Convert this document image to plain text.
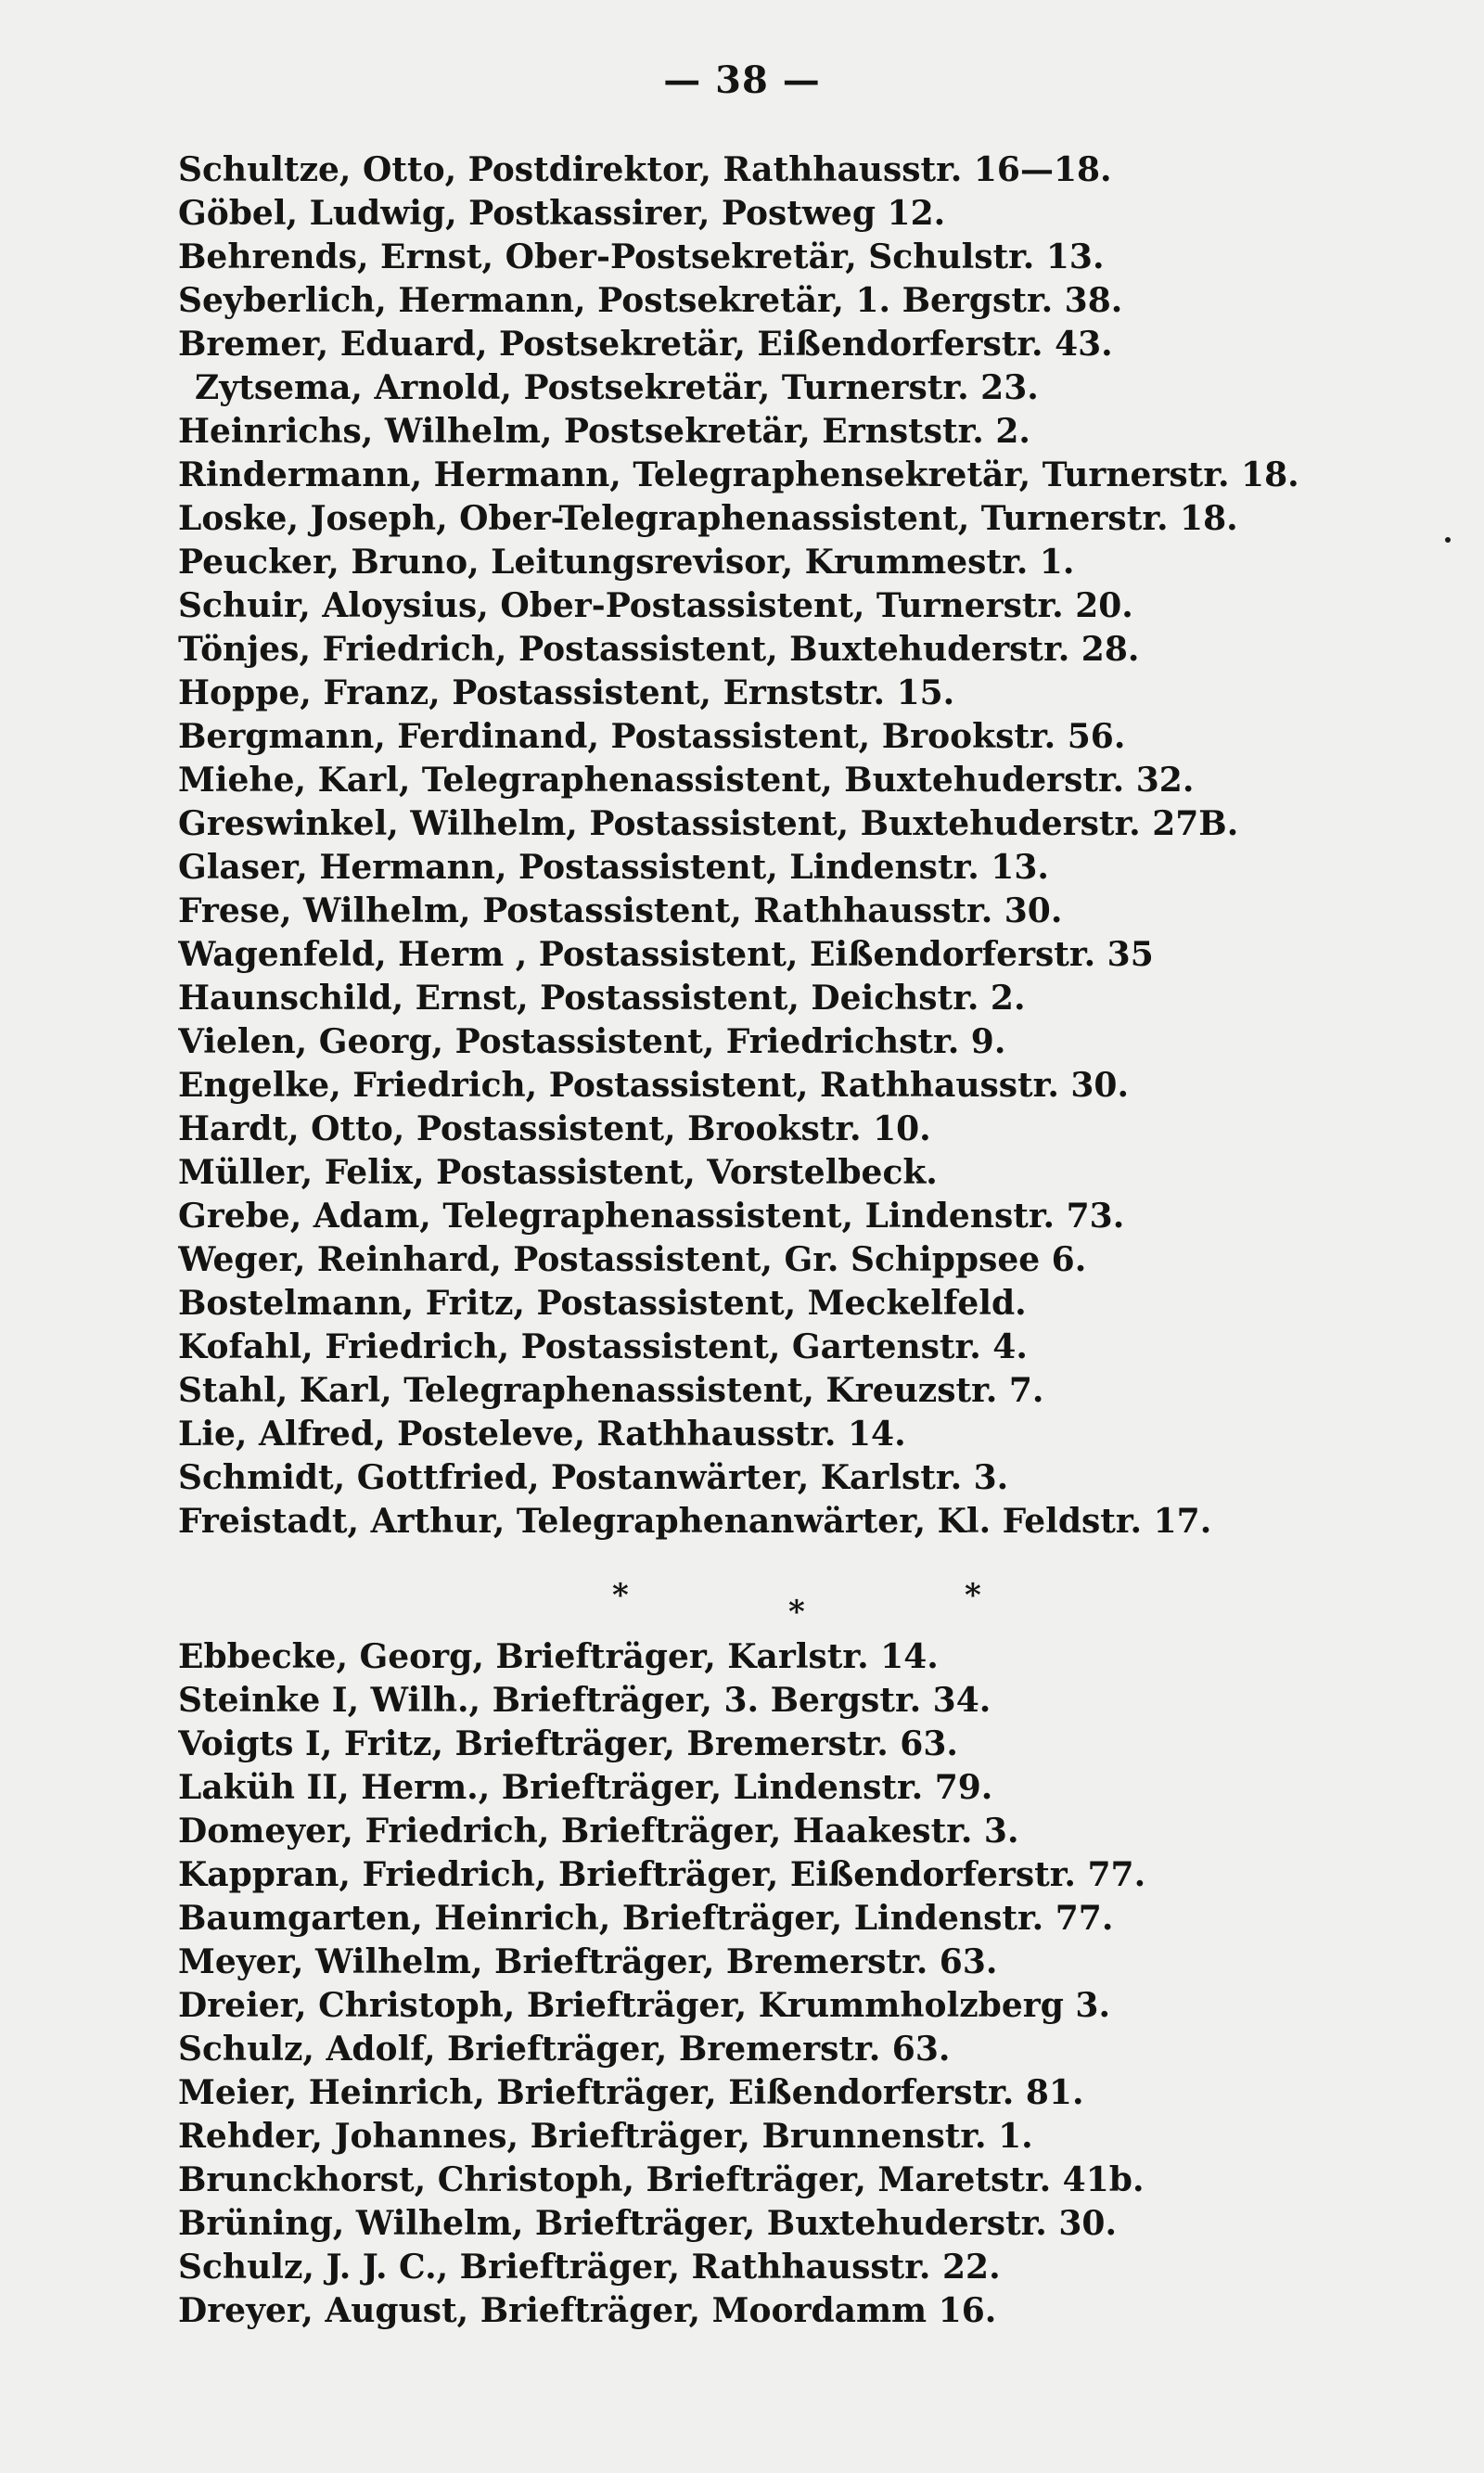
— 38 —
Schultze, Otto, Postdirektor, Rathhausstr. 16—18.
Göbel, Ludwig, Postkassirer, Postweg 12.
Behrends, Ernst, Ober-Postsekretär, Schulstr. 13.
Seyberlich, Hermann, Postsekretär, 1. Bergstr. 38.
Bremer, Eduard, Postsekretär, Eißendorferstr. 43.
Zytsema, Arnold, Postsekretär, Turnerstr. 23.
Heinrichs, Wilhelm, Postsekretär, Ernststr. 2.
Rindermann, Hermann, Telegraphensekretär, Turnerstr. 18.
Loske, Joseph, Ober-Telegraphenassistent, Turnerstr. 18.
Peucker, Bruno, Leitungsrevisor, Krummestr. 1.
Schuir, Aloysius, Ober-Postassistent, Turnerstr. 20.
Tönjes, Friedrich, Postassistent, Buxtehuderstr. 28.
Hoppe, Franz, Postassistent, Ernststr. 15.
Bergmann, Ferdinand, Postassistent, Brookstr. 56.
Miehe, Karl, Telegraphenassistent, Buxtehuderstr. 32.
Greswinkel, Wilhelm, Postassistent, Buxtehuderstr. 27B.
Glaser, Hermann, Postassistent, Lindenstr. 13.
Frese, Wilhelm, Postassistent, Rathhausstr. 30.
Wagenfeld, Herm , Postassistent, Eißendorferstr. 35
Haunschild, Ernst, Postassistent, Deichstr. 2.
Vielen, Georg, Postassistent, Friedrichstr. 9.
Engelke, Friedrich, Postassistent, Rathhausstr. 30.
Hardt, Otto, Postassistent, Brookstr. 10.
Müller, Felix, Postassistent, Vorstelbeck.
Grebe, Adam, Telegraphenassistent, Lindenstr. 73.
Weger, Reinhard, Postassistent, Gr. Schippsee 6.
Bostelmann, Fritz, Postassistent, Meckelfeld.
Kofahl, Friedrich, Postassistent, Gartenstr. 4.
Stahl, Karl, Telegraphenassistent, Kreuzstr. 7.
Lie, Alfred, Posteleve, Rathhausstr. 14.
Schmidt, Gottfried, Postanwärter, Karlstr. 3.
Freistadt, Arthur, Telegraphenanwärter, Kl. Feldstr. 17.
*	*	*
Ebbecke, Georg, Briefträger, Karlstr. 14.
Steinke I, Wilh., Briefträger, 3. Bergstr. 34.
Voigts I, Fritz, Briefträger, Bremerstr. 63.
Laküh II, Herm., Briefträger, Lindenstr. 79.
Domeyer, Friedrich, Briefträger, Haakestr. 3.
Kappran, Friedrich, Briefträger, Eißendorferstr. 77.
Baumgarten, Heinrich, Briefträger, Lindenstr. 77.
Meyer, Wilhelm, Briefträger, Bremerstr. 63.
Dreier, Christoph, Briefträger, Krummholzberg 3.
Schulz, Adolf, Briefträger, Bremerstr. 63.
Meier, Heinrich, Briefträger, Eißendorferstr. 81.
Rehder, Johannes, Briefträger, Brunnenstr. 1.
Brunckhorst, Christoph, Briefträger, Maretstr. 41b.
Brüning, Wilhelm, Briefträger, Buxtehuderstr. 30.
Schulz, J. J. C., Briefträger, Rathhausstr. 22.
Dreyer, August, Briefträger, Moordamm 16.
